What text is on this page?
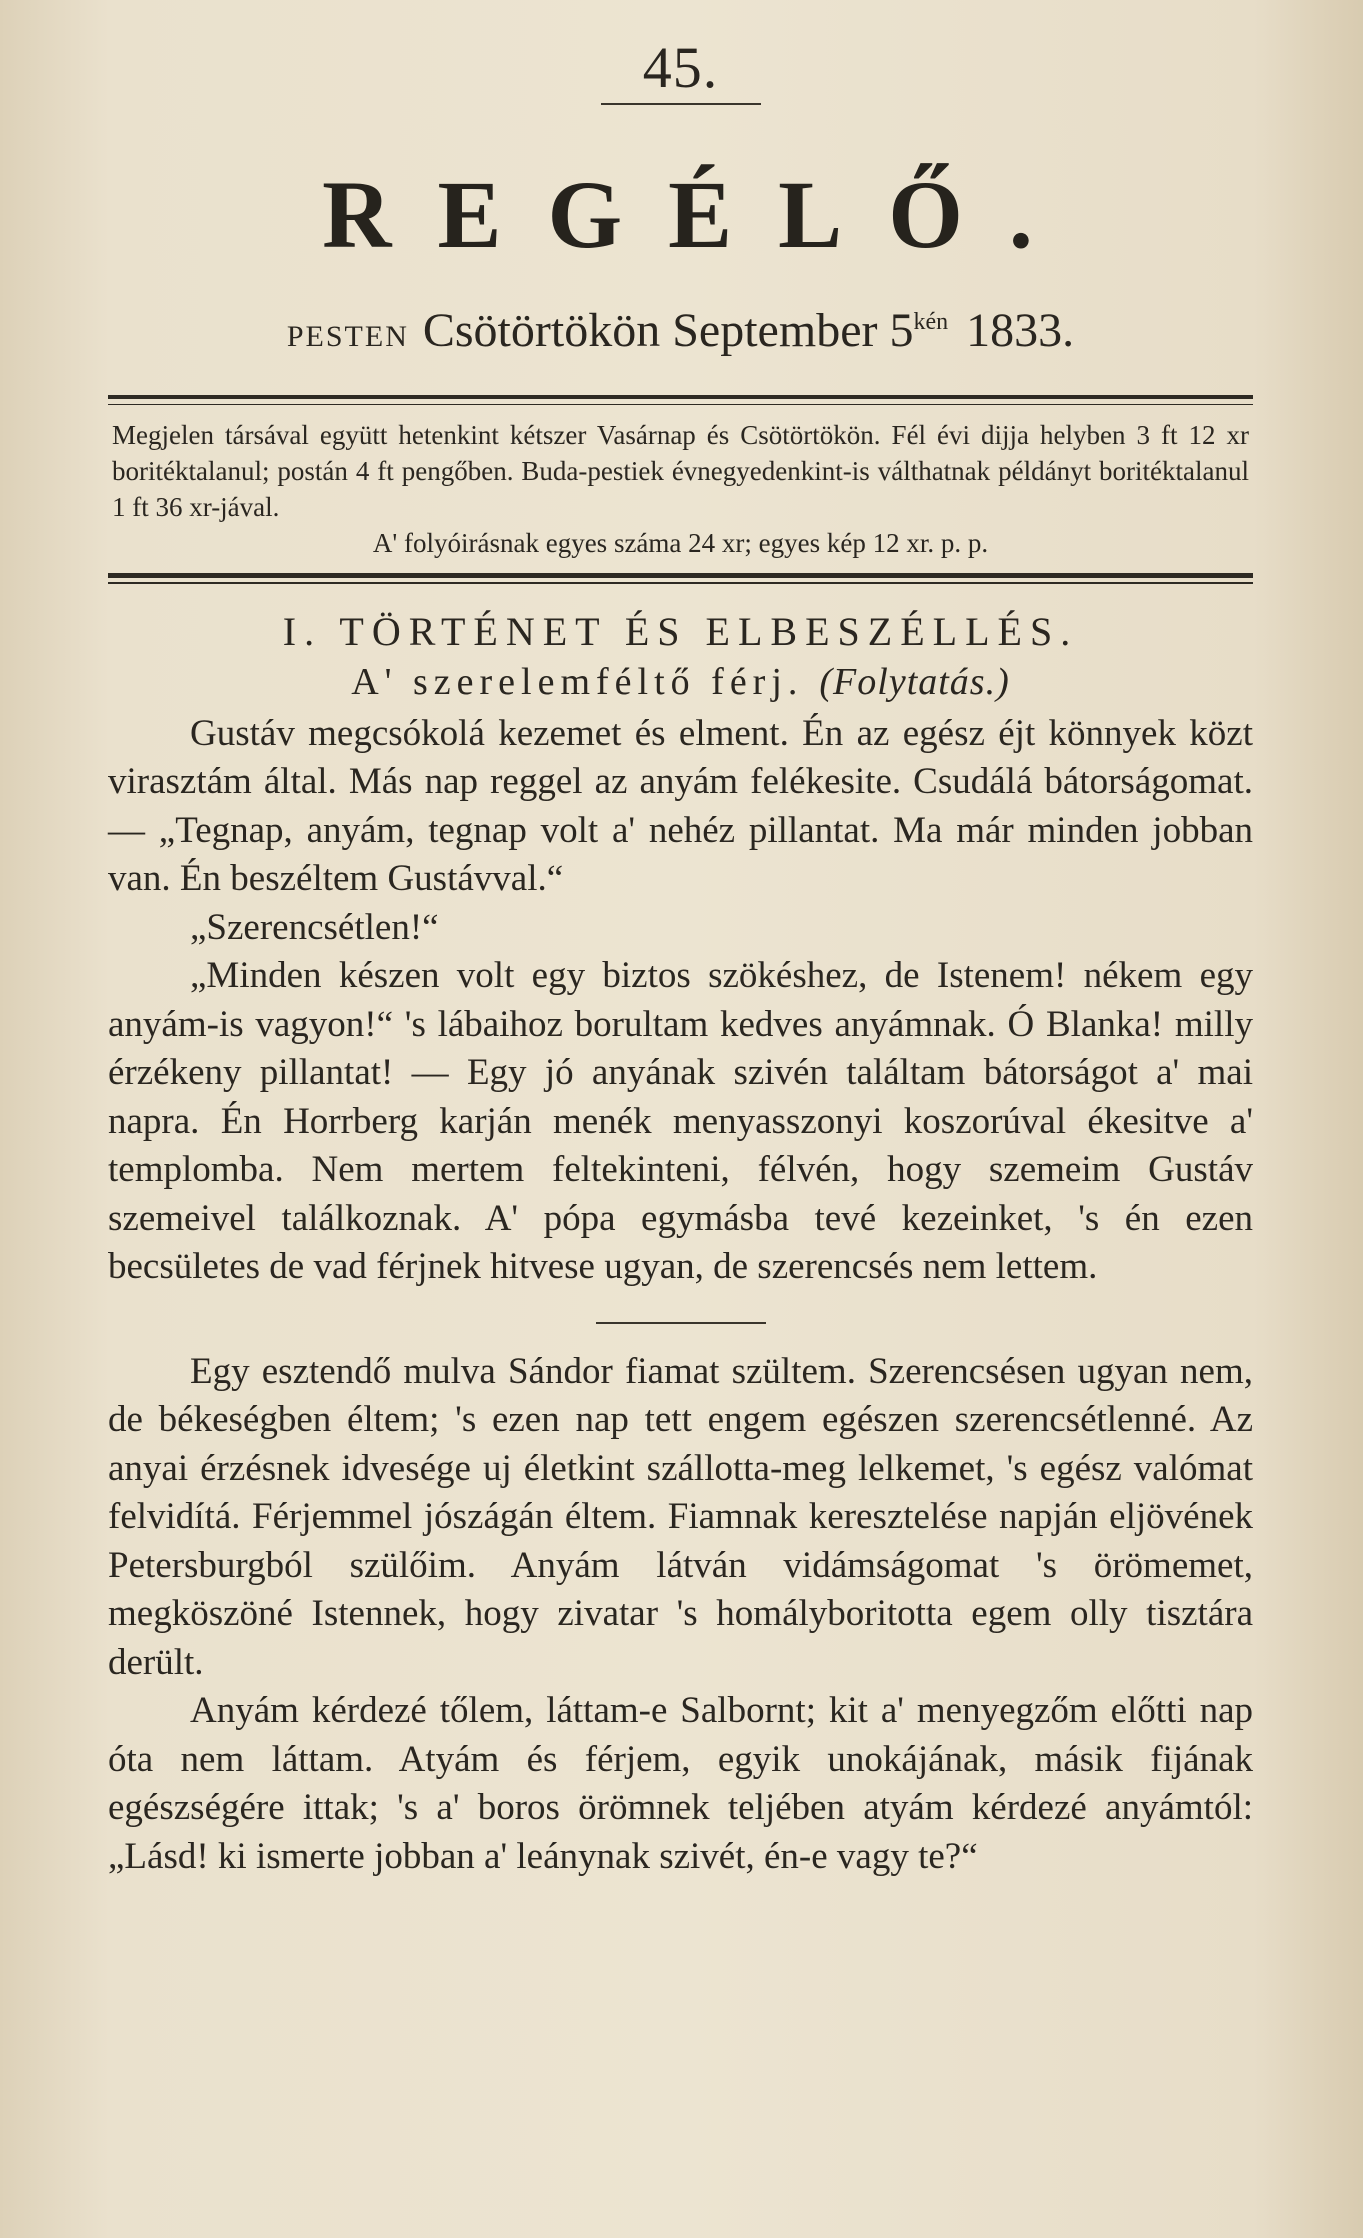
45.
REGÉLŐ.
PESTEN Csötörtökön September $5^{kén}$ 1833.
Megjelen társával együtt hetenkint kétszer Vasárnap és Csötörtökön. Fél évi dijja helyben 3 ft 12 xr boritéktalanul; postán 4 ft pengőben. Buda-pestiek évnegyedenkint-is válthatnak példányt boritéktalanul 1 ft 36 xr-jával.
A' folyóirásnak egyes száma 24 xr; egyes kép 12 xr. p. p.
I. TÖRTÉNET ÉS ELBESZÉLLÉS.
A' szerelemféltő férj. (Folytatás.)

Gustáv megcsókolá kezemet és elment. Én az egész éjt könnyek közt virasztám által. Más nap reggel az anyám felékesite. Csudálá bátorságomat. — „Tegnap, anyám, tegnap volt a' nehéz pillantat. Ma már minden jobban van. Én beszéltem Gustávval.“

„Szerencsétlen!“

„Minden készen volt egy biztos szökéshez, de Istenem! nékem egy anyám-is vagyon!“ 's lábaihoz borultam kedves anyámnak. Ó Blanka! milly érzékeny pillantat! — Egy jó anyának szivén találtam bátorságot a' mai napra. Én Horrberg karján menék menyasszonyi koszorúval ékesitve a' templomba. Nem mertem feltekinteni, félvén, hogy szemeim Gustáv szemeivel találkoznak. A' pópa egymásba tevé kezeinket, 's én ezen becsületes de vad férjnek hitvese ugyan, de szerencsés nem lettem.

Egy esztendő mulva Sándor fiamat szültem. Szerencsésen ugyan nem, de békeségben éltem; 's ezen nap tett engem egészen szerencsétlenné. Az anyai érzésnek idvesége uj életkint szállotta-meg lelkemet, 's egész valómat felvidítá. Férjemmel jószágán éltem. Fiamnak keresztelése napján eljövének Petersburgból szülőim. Anyám látván vidámságomat 's örömemet, megköszöné Istennek, hogy zivatar 's homályboritotta egem olly tisztára derült.

Anyám kérdezé tőlem, láttam-e Salbornt; kit a' menyegzőm előtti nap óta nem láttam. Atyám és férjem, egyik unokájának, másik fijának egészségére ittak; 's a' boros örömnek teljében atyám kérdezé anyámtól: „Lásd! ki ismerte jobban a' leánynak szivét, én-e vagy te?“
